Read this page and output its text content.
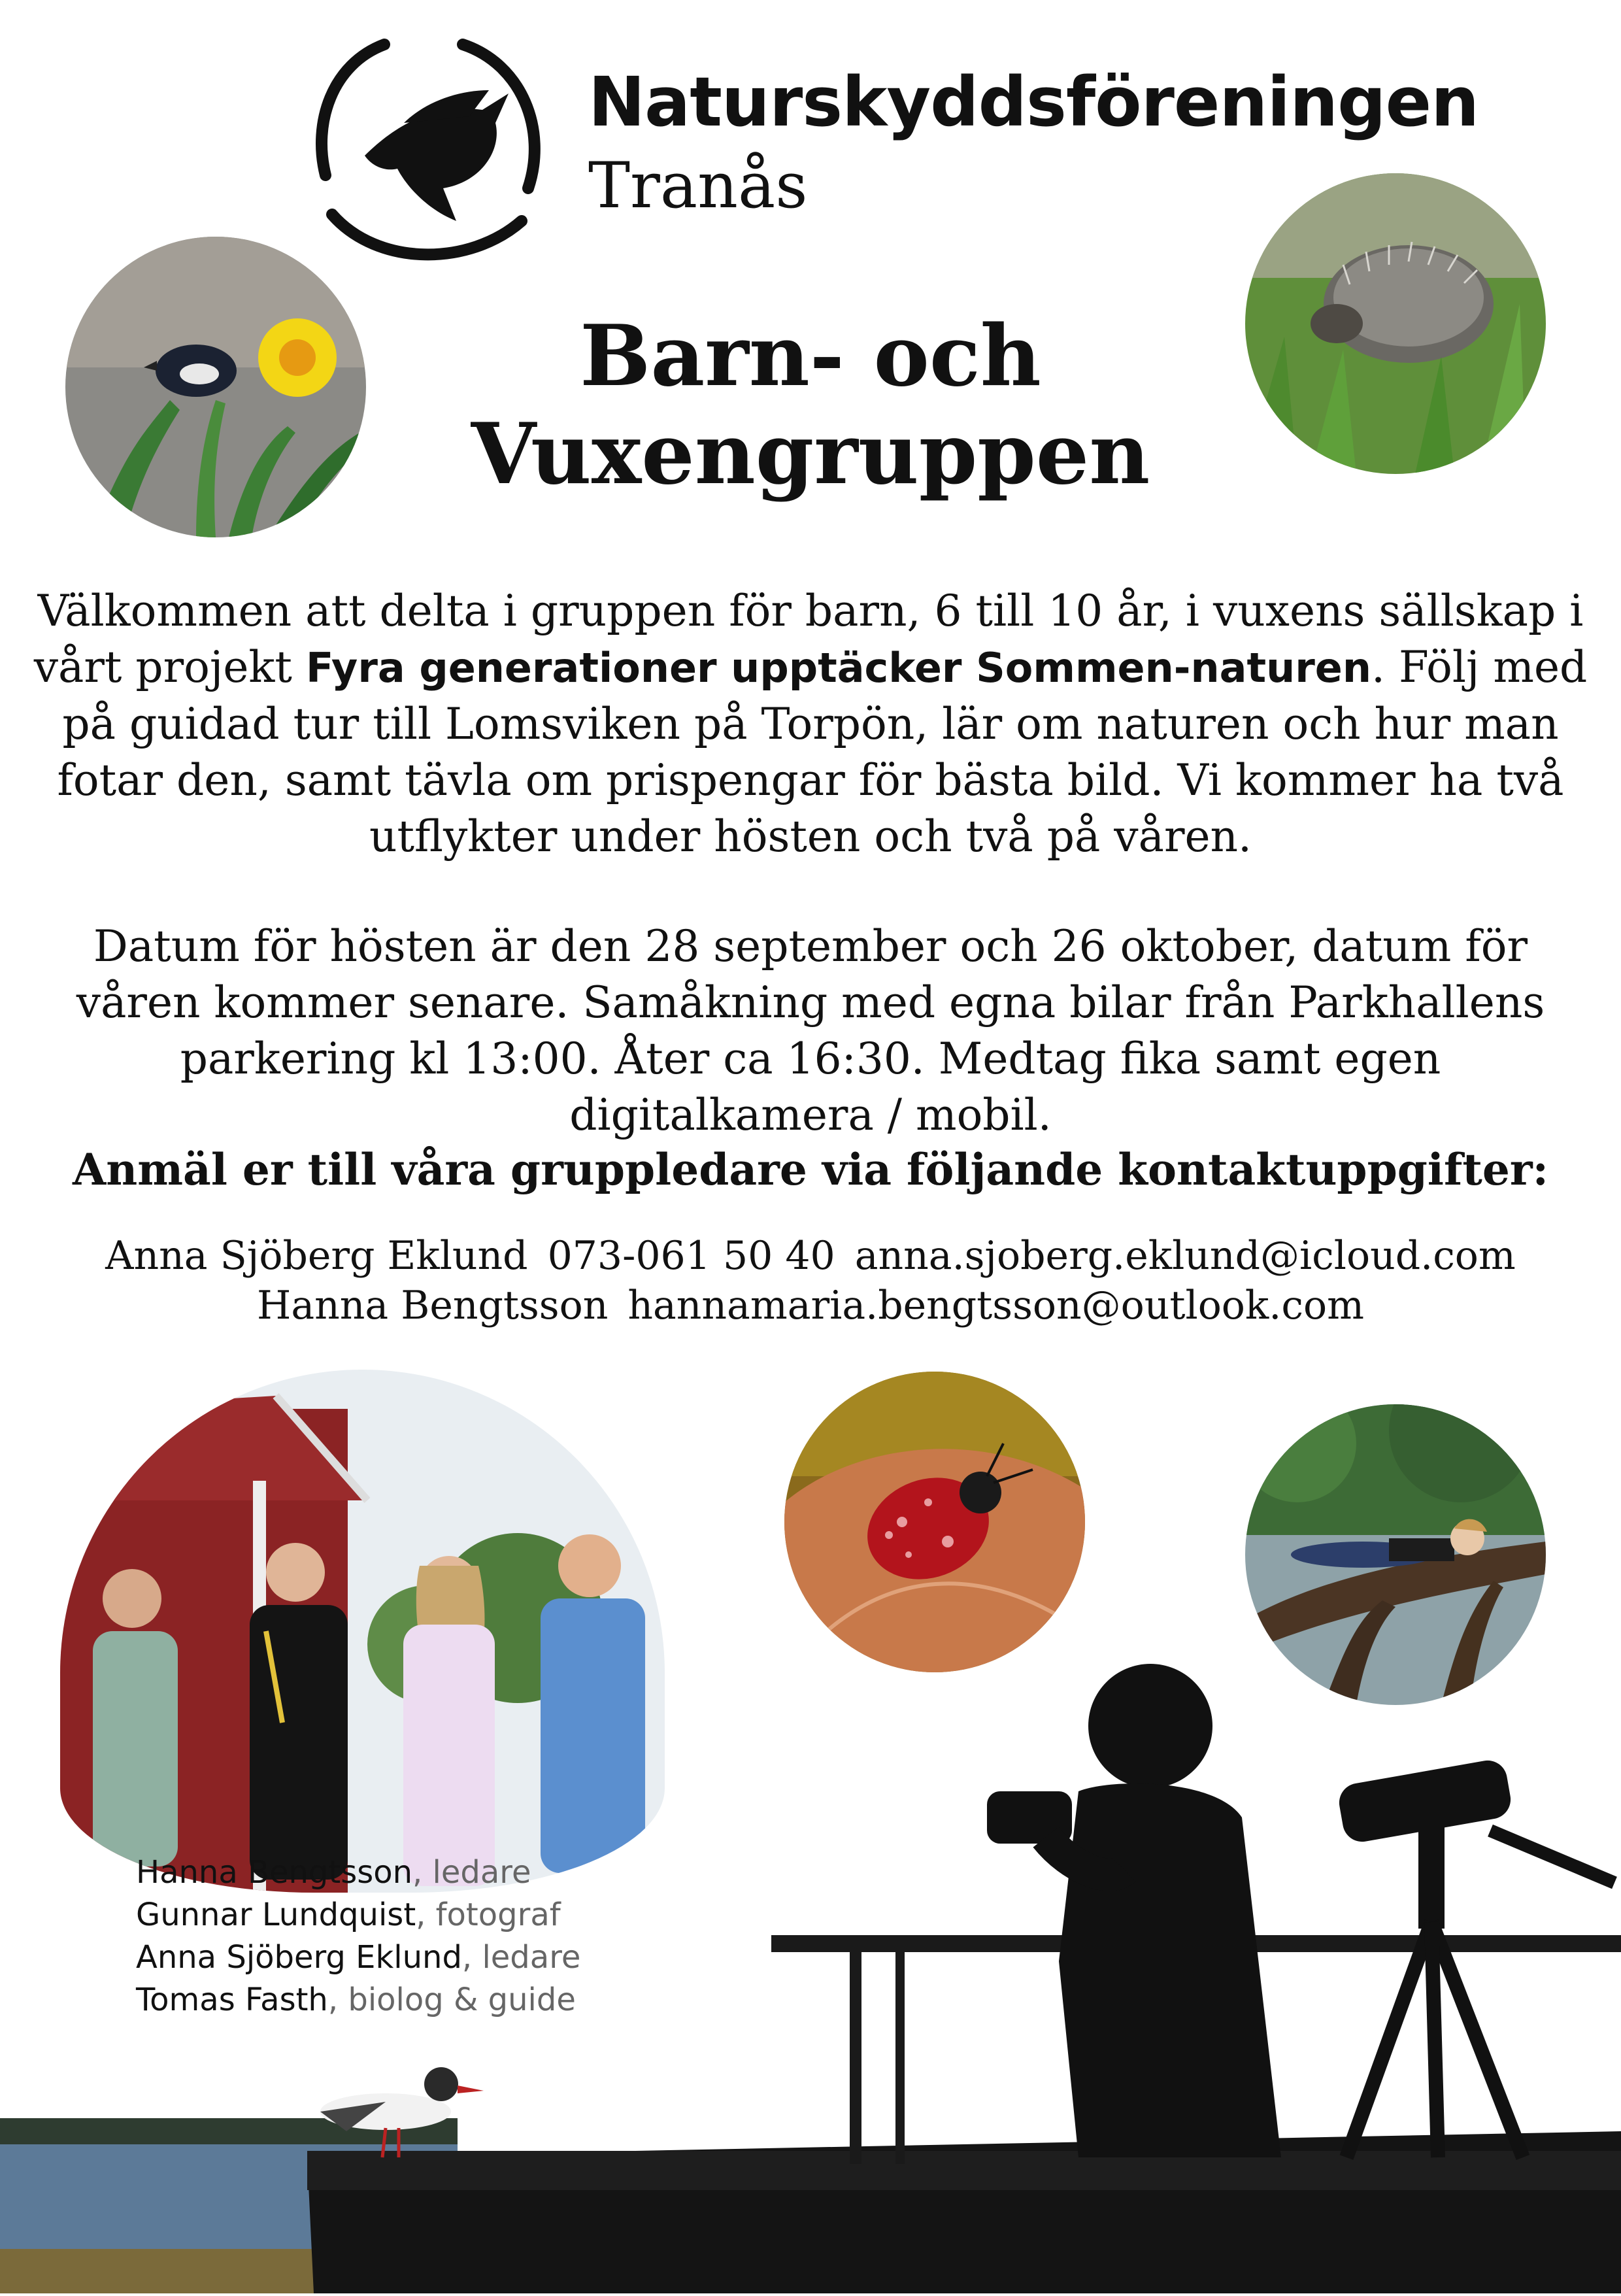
Naturskyddsföreningen
Tranås
Barn- och
Vuxengruppen
Välkommen att delta i gruppen för barn, 6 till 10 år, i vuxens sällskap i vårt projekt Fyra generationer upptäcker Sommen-naturen. Följ med på guidad tur till Lomsviken på Torpön, lär om naturen och hur man fotar den, samt tävla om prispengar för bästa bild. Vi kommer ha två utflykter under hösten och två på våren.
Datum för hösten är den 28 september och 26 oktober, datum för våren kommer senare. Samåkning med egna bilar från Parkhallens parkering kl 13:00. Åter ca 16:30. Medtag fika samt egen digitalkamera / mobil.
Anmäl er till våra gruppledare via följande kontaktuppgifter:
Anna Sjöberg Eklund 073-061 50 40 anna.sjoberg.eklund@icloud.com
Hanna Bengtsson hannamaria.bengtsson@outlook.com
Hanna Bengtsson, ledare
Gunnar Lundquist, fotograf
Anna Sjöberg Eklund, ledare
Tomas Fasth, biolog & guide
